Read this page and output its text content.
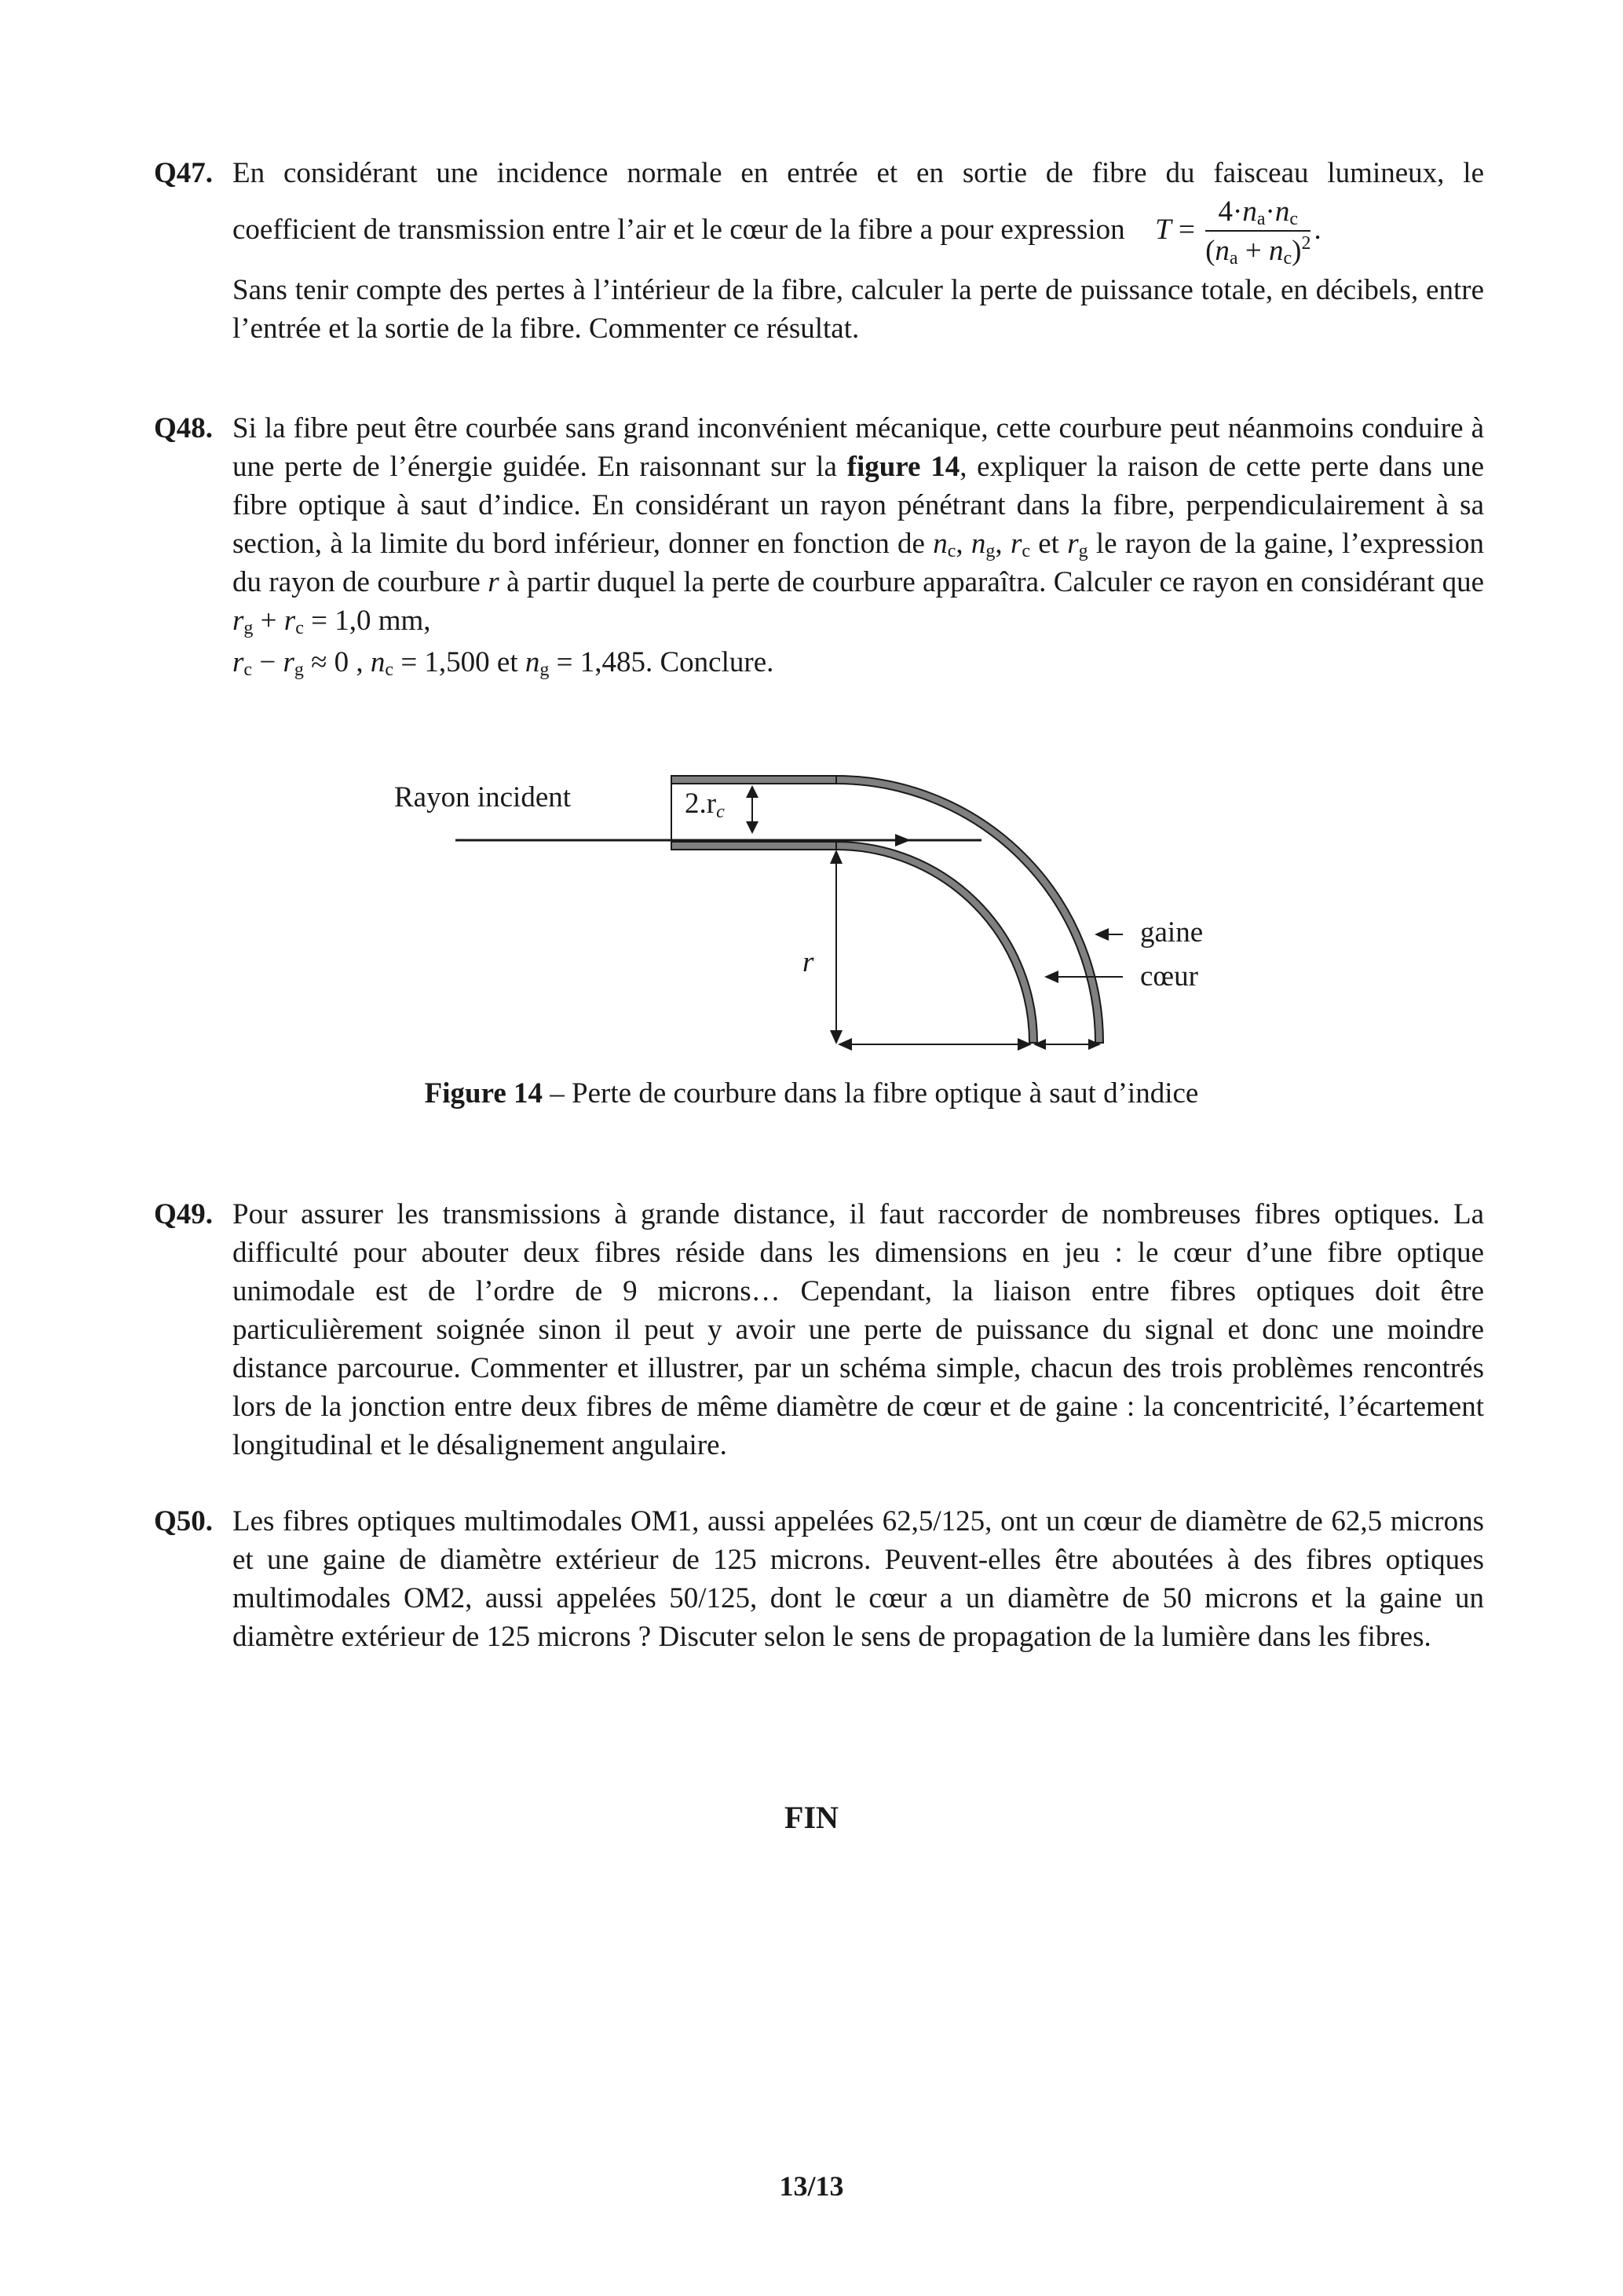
Q47. En considérant une incidence normale en entrée et en sortie de fibre du faisceau lumineux, le

coefficient de transmission entre l’air et le cœur de la fibre a pour expression $T = \frac{4\cdot n_a\cdot n_c}{(n_a + n_c)^2}$ .

Sans tenir compte des pertes à l’intérieur de la fibre, calculer la perte de puissance totale, en décibels, entre l’entrée et la sortie de la fibre. Commenter ce résultat.

Q48. Si la fibre peut être courbée sans grand inconvénient mécanique, cette courbure peut néanmoins conduire à une perte de l’énergie guidée. En raisonnant sur la figure 14, expliquer la raison de cette perte dans une fibre optique à saut d’indice. En considérant un rayon pénétrant dans la fibre, perpendiculairement à sa section, à la limite du bord inférieur, donner en fonction de $n_c$, $n_g$, $r_c$ et $r_g$ le rayon de la gaine, l’expression du rayon de courbure r à partir duquel la perte de courbure apparaîtra. Calculer ce rayon en considérant que $r_g + r_c = 1,0$ mm,

$r_c - r_g \approx 0$ , $n_c = 1,500$ et $n_g = 1,485$. Conclure.

Rayon incident	2.rc
r
gaine
cœur
Figure 14 – Perte de courbure dans la fibre optique à saut d’indice
Q49. Pour assurer les transmissions à grande distance, il faut raccorder de nombreuses fibres optiques. La difficulté pour abouter deux fibres réside dans les dimensions en jeu : le cœur d’une fibre optique unimodale est de l’ordre de 9 microns… Cependant, la liaison entre fibres optiques doit être particulièrement soignée sinon il peut y avoir une perte de puissance du signal et donc une moindre distance parcourue. Commenter et illustrer, par un schéma simple, chacun des trois problèmes rencontrés lors de la jonction entre deux fibres de même diamètre de cœur et de gaine : la concentricité, l’écartement longitudinal et le désalignement angulaire.

Q50. Les fibres optiques multimodales OM1, aussi appelées 62,5/125, ont un cœur de diamètre de 62,5 microns et une gaine de diamètre extérieur de 125 microns. Peuvent-elles être aboutées à des fibres optiques multimodales OM2, aussi appelées 50/125, dont le cœur a un diamètre de 50 microns et la gaine un diamètre extérieur de 125 microns ? Discuter selon le sens de propagation de la lumière dans les fibres.

FIN
13/13
